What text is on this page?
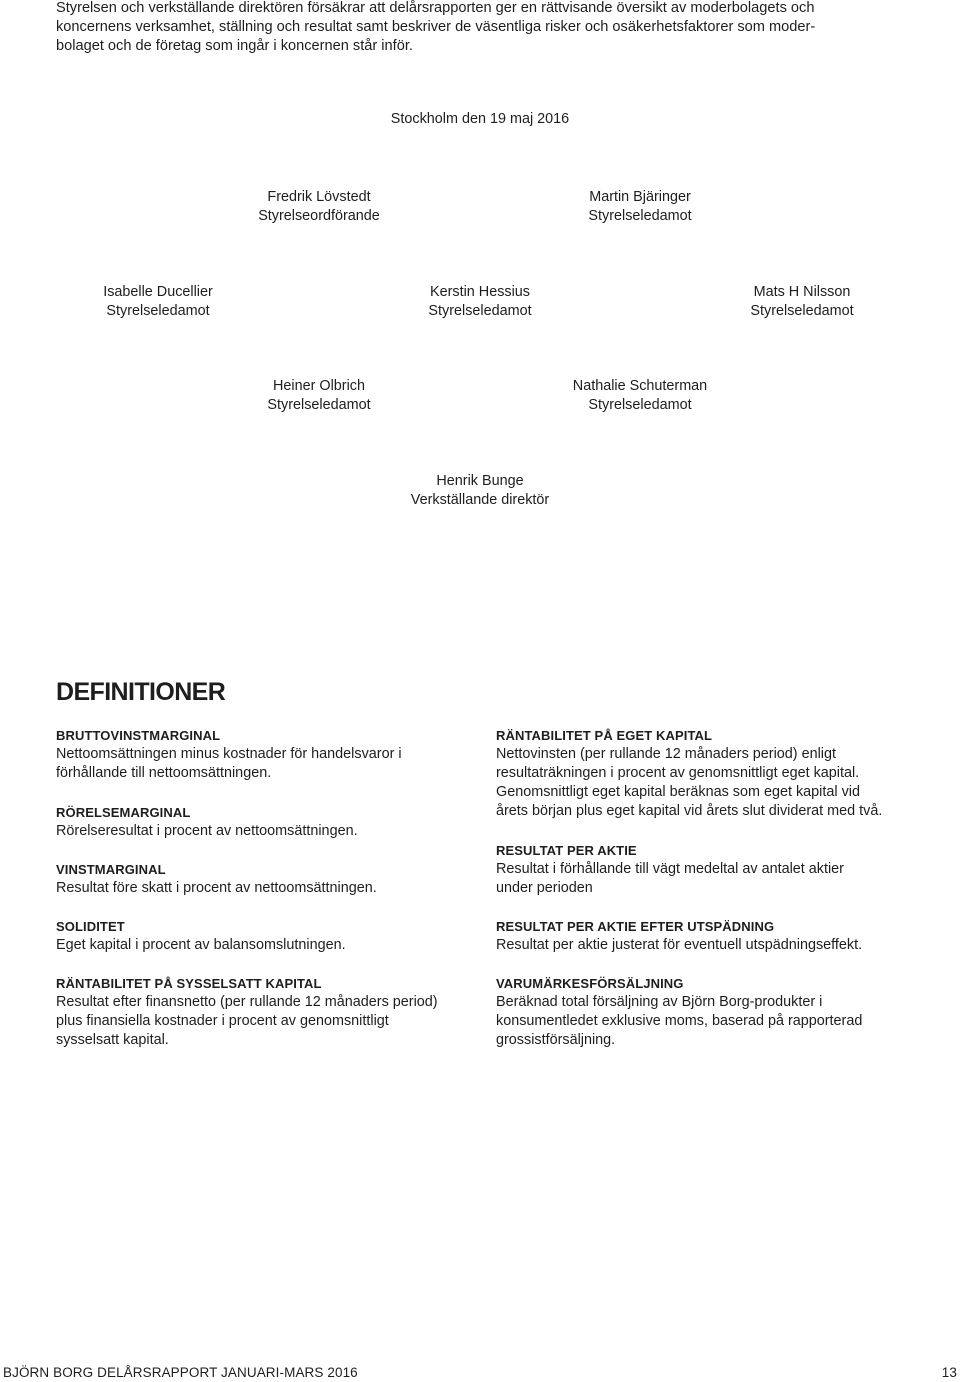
Styrelsen och verkställande direktören försäkrar att delårsrapporten ger en rättvisande översikt av moderbolagets och
koncernens verksamhet, ställning och resultat samt beskriver de väsentliga risker och osäkerhetsfaktorer som moder-
bolaget och de företag som ingår i koncernen står inför.
Stockholm den 19 maj 2016
Fredrik Lövstedt
Styrelseordförande
Martin Bjäringer
Styrelseledamot
Isabelle Ducellier
Styrelseledamot
Kerstin Hessius
Styrelseledamot
Mats H Nilsson
Styrelseledamot
Heiner Olbrich
Styrelseledamot
Nathalie Schuterman
Styrelseledamot
Henrik Bunge
Verkställande direktör
DEFINITIONER
BRUTTOVINSTMARGINAL
Nettoomsättningen minus kostnader för handelsvaror i
förhållande till nettoomsättningen.
RÖRELSEMARGINAL
Rörelseresultat i procent av nettoomsättningen.
VINSTMARGINAL
Resultat före skatt i procent av nettoomsättningen.
SOLIDITET
Eget kapital i procent av balansomslutningen.
RÄNTABILITET PÅ SYSSELSATT KAPITAL
Resultat efter finansnetto (per rullande 12 månaders period)
plus finansiella kostnader i procent av genomsnittligt
sysselsatt kapital.
RÄNTABILITET PÅ EGET KAPITAL
Nettovinsten (per rullande 12 månaders period) enligt
resultaträkningen i procent av genomsnittligt eget kapital.
Genomsnittligt eget kapital beräknas som eget kapital vid
årets början plus eget kapital vid årets slut dividerat med två.
RESULTAT PER AKTIE
Resultat i förhållande till vägt medeltal av antalet aktier
under perioden
RESULTAT PER AKTIE EFTER UTSPÄDNING
Resultat per aktie justerat för eventuell utspädningseffekt.
VARUMÄRKESFÖRSÄLJNING
Beräknad total försäljning av Björn Borg-produkter i
konsumentledet exklusive moms, baserad på rapporterad
grossistförsäljning.
BJÖRN BORG DELÅRSRAPPORT JANUARI-MARS 2016	13
